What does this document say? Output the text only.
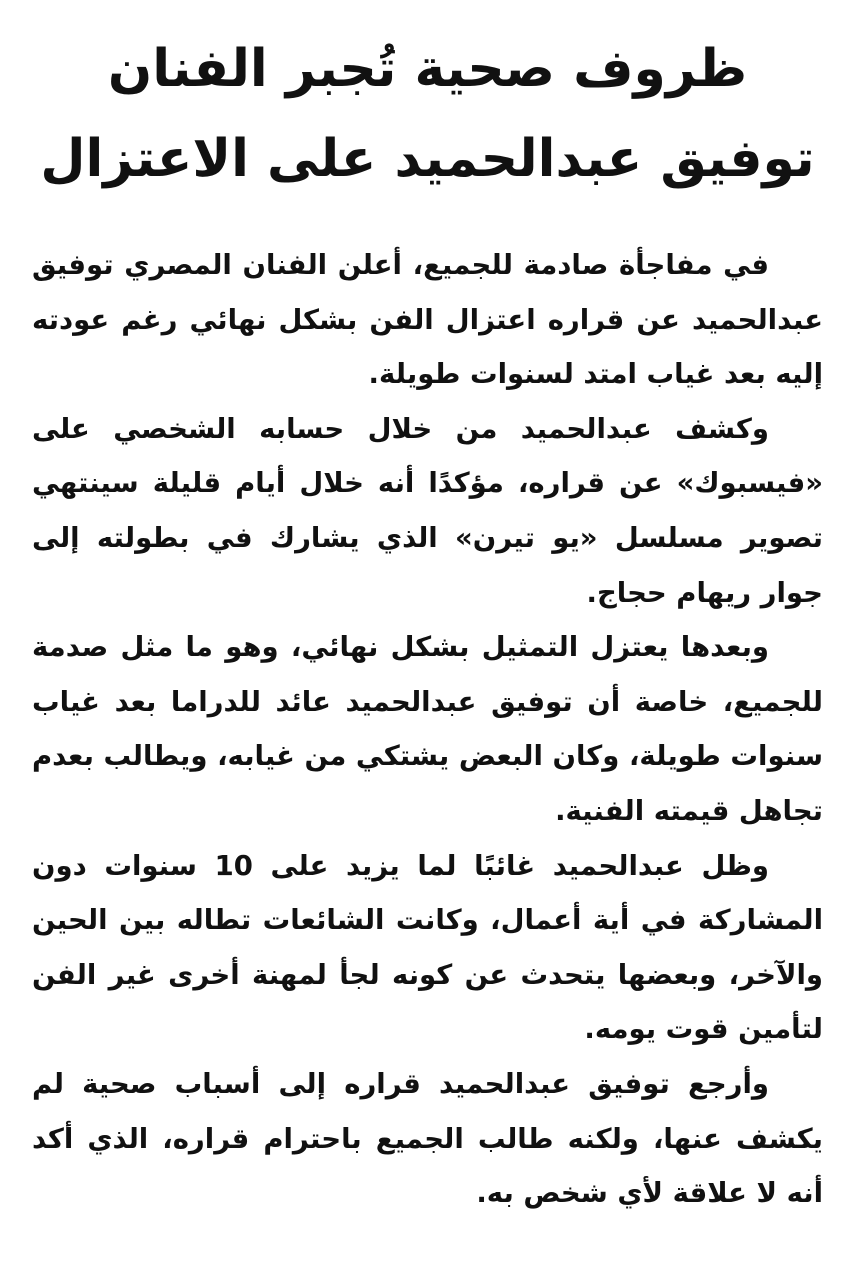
ظروف صحية تُجبر الفنان
توفيق عبدالحميد على الاعتزال

في مفاجأة صادمة للجميع، أعلن الفنان المصري توفيق عبدالحميد عن قراره اعتزال الفن بشكل نهائي رغم عودته إليه بعد غياب امتد لسنوات طويلة.

وكشف عبدالحميد من خلال حسابه الشخصي على «فيسبوك» عن قراره، مؤكدًا أنه خلال أيام قليلة سينتهي تصوير مسلسل «يو تيرن» الذي يشارك في بطولته إلى جوار ريهام حجاج.

وبعدها يعتزل التمثيل بشكل نهائي، وهو ما مثل صدمة للجميع، خاصة أن توفيق عبدالحميد عائد للدراما بعد غياب سنوات طويلة، وكان البعض يشتكي من غيابه، ويطالب بعدم تجاهل قيمته الفنية.

وظل عبدالحميد غائبًا لما يزيد على 10 سنوات دون المشاركة في أية أعمال، وكانت الشائعات تطاله بين الحين والآخر، وبعضها يتحدث عن كونه لجأ لمهنة أخرى غير الفن لتأمين قوت يومه.

وأرجع توفيق عبدالحميد قراره إلى أسباب صحية لم يكشف عنها، ولكنه طالب الجميع باحترام قراره، الذي أكد أنه لا علاقة لأي شخص به.
